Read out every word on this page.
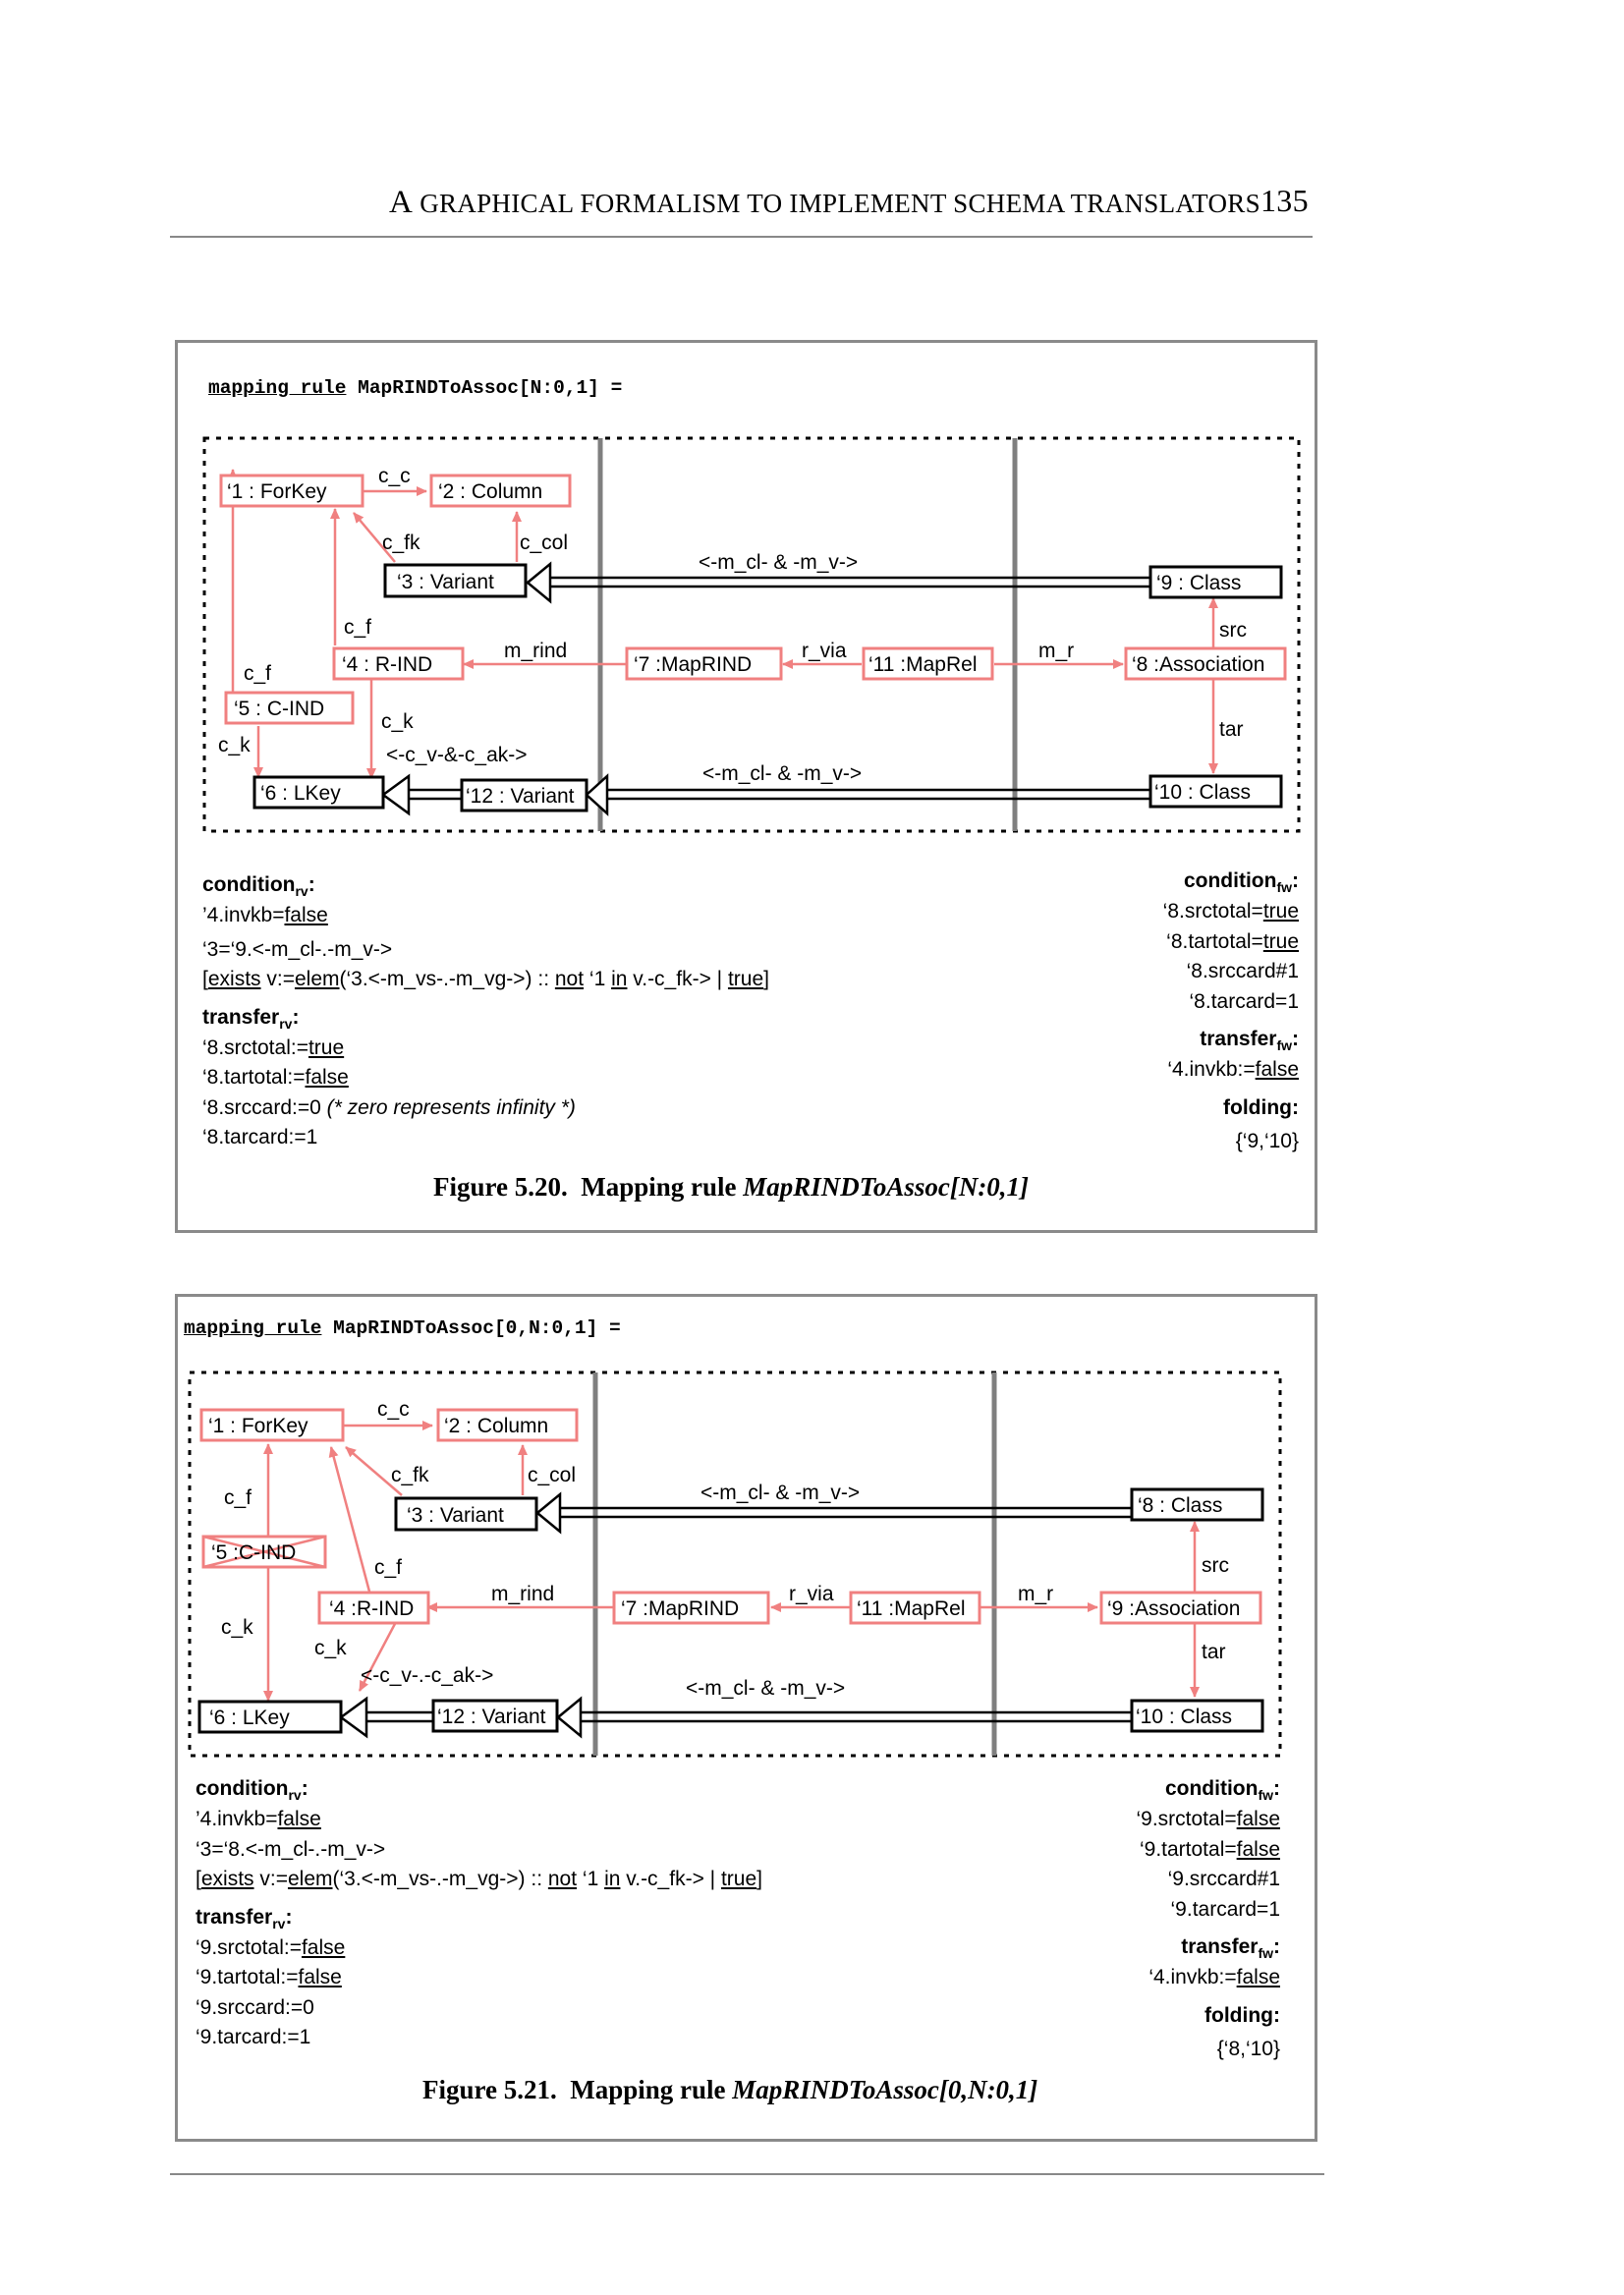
A GRAPHICAL FORMALISM TO IMPLEMENT SCHEMA TRANSLATORS 135
mapping rule MapRINDToAssoc[N:0,1] =
‘1 : ForKey	‘2 : Column
‘3 : Variant
‘4 : R-IND
‘5 : C-IND
‘6 : LKey
‘7 :MapRIND	‘8 :Association
‘9 : Class
‘10 : Class
‘11 :MapRel
‘12 : Variant
c_c
c_fk	c_col
c_f
c_f
c_k
c_k
m_rind	r_via	m_r
src
tar
<-m_cl- & -m_v->
<-m_cl- & -m_v->
<-c_v-&-c_ak->
condition$_{rv}$:
’4.invkb=false
‘3=‘9.<-m_cl-.-m_v->
[exists v:=elem(‘3.<-m_vs-.-m_vg->) :: not ‘1 in v.-c_fk-> | true]
transfer$_{rv}$:
‘8.srctotal:=true
‘8.tartotal:=false
‘8.srccard:=0 (* zero represents infinity *)
‘8.tarcard:=1
condition$_{fw}$:
‘8.srctotal=true
‘8.tartotal=true
‘8.srccard#1
‘8.tarcard=1
transfer$_{fw}$:
‘4.invkb:=false
folding:
{‘9,‘10}
Figure 5.20. Mapping rule MapRINDToAssoc[N:0,1]
mapping rule MapRINDToAssoc[0,N:0,1] =
‘1 : ForKey	‘2 : Column
‘3 : Variant
‘4 :R-IND
‘5 :C-IND
‘6 : LKey
‘7 :MapRIND	‘9 :Association
‘8 : Class
‘10 : Class
‘11 :MapRel
‘12 : Variant
c_c
c_fk	c_col
c_f
c_f
c_k
c_k
m_rind	r_via	m_r
src
tar
<-m_cl- & -m_v->
<-m_cl- & -m_v->
<-c_v-.-c_ak->
condition$_{rv}$:
’4.invkb=false
‘3=‘8.<-m_cl-.-m_v->
[exists v:=elem(‘3.<-m_vs-.-m_vg->) :: not ‘1 in v.-c_fk-> | true]
transfer$_{rv}$:
‘9.srctotal:=false
‘9.tartotal:=false
‘9.srccard:=0
‘9.tarcard:=1
condition$_{fw}$:
‘9.srctotal=false
‘9.tartotal=false
‘9.srccard#1
‘9.tarcard=1
transfer$_{fw}$:
‘4.invkb:=false
folding:
{‘8,‘10}
Figure 5.21. Mapping rule MapRINDToAssoc[0,N:0,1]
